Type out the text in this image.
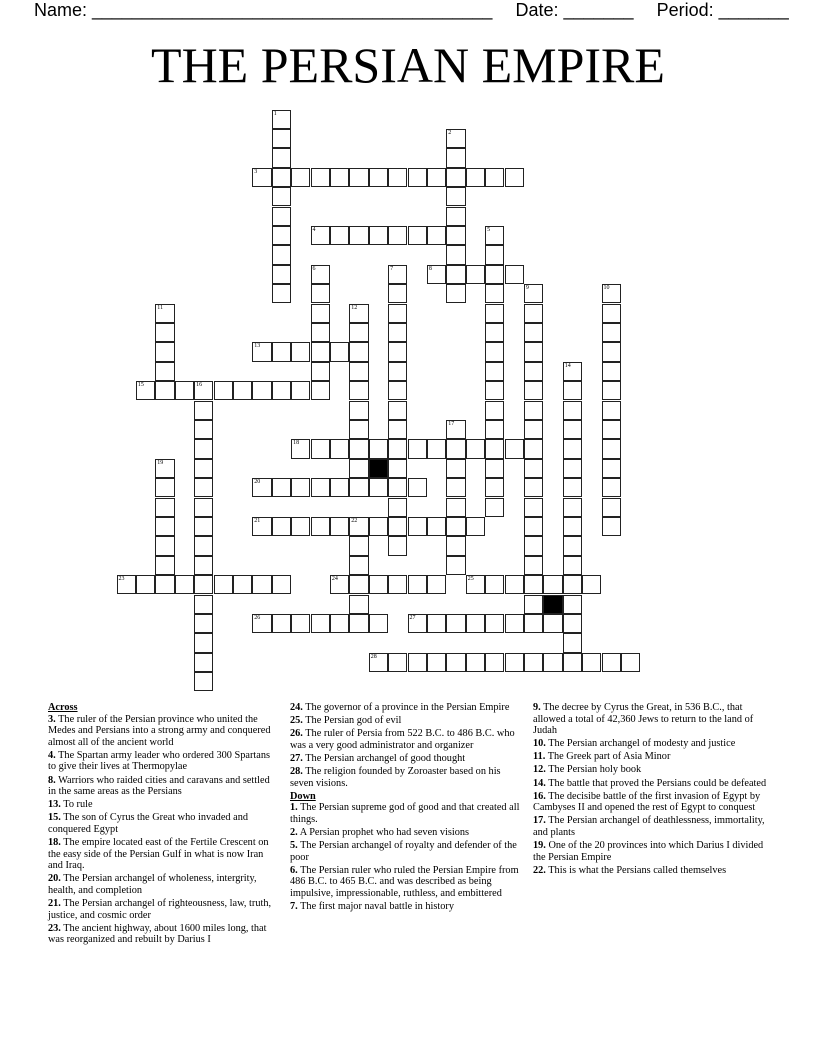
Name: ________________________________________ Date: _______ Period: _______
THE PERSIAN EMPIRE
1
2
3
4	5
6	7	8
9	10
11	12
13
14
15	16
17
18
19
20
21	22
23	24	25
26	27
28
Across
3. The ruler of the Persian province who united the Medes and Persians into a strong army and conquered almost all of the ancient world
4. The Spartan army leader who ordered 300 Spartans to give their lives at Thermopylae
8. Warriors who raided cities and caravans and settled in the same areas as the Persians
13. To rule
15. The son of Cyrus the Great who invaded and conquered Egypt
18. The empire located east of the Fertile Crescent on the easy side of the Persian Gulf in what is now Iran and Iraq.
20. The Persian archangel of wholeness, intergrity, health, and completion
21. The Persian archangel of righteousness, law, truth, justice, and cosmic order
23. The ancient highway, about 1600 miles long, that was reorganized and rebuilt by Darius I
24. The governor of a province in the Persian Empire
25. The Persian god of evil
26. The ruler of Persia from 522 B.C. to 486 B.C. who was a very good administrator and organizer
27. The Persian archangel of good thought
28. The religion founded by Zoroaster based on his seven visions.
Down
1. The Persian supreme god of good and that created all things.
2. A Persian prophet who had seven visions
5. The Persian archangel of royalty and defender of the poor
6. The Persian ruler who ruled the Persian Empire from 486 B.C. to 465 B.C. and was described as being impulsive, impressionable, ruthless, and embittered
7. The first major naval battle in history
9. The decree by Cyrus the Great, in 536 B.C., that allowed a total of 42,360 Jews to return to the land of Judah
10. The Persian archangel of modesty and justice
11. The Greek part of Asia Minor
12. The Persian holy book
14. The battle that proved the Persians could be defeated
16. The decisibe battle of the first invasion of Egypt by Cambyses II and opened the rest of Egypt to conquest
17. The Persian archangel of deathlessness, immortality, and plants
19. One of the 20 provinces into which Darius I divided the Persian Empire
22. This is what the Persians called themselves
